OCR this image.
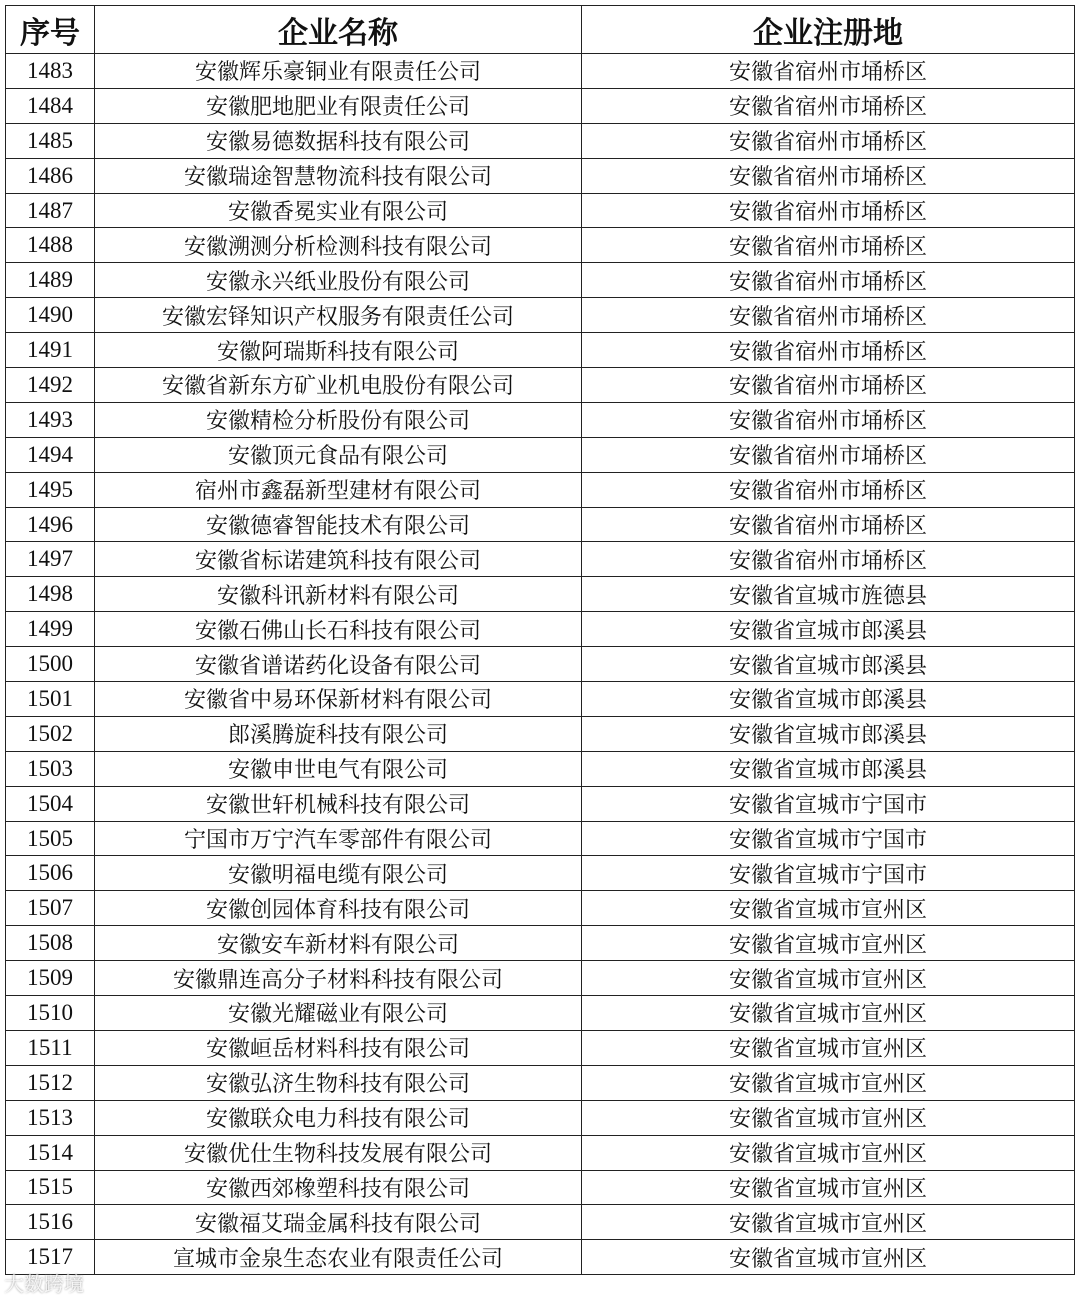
序号	企业名称	企业注册地
1483	安徽辉乐豪铜业有限责任公司	安徽省宿州市埇桥区
1484	安徽肥地肥业有限责任公司	安徽省宿州市埇桥区
1485	安徽易德数据科技有限公司	安徽省宿州市埇桥区
1486	安徽瑞途智慧物流科技有限公司	安徽省宿州市埇桥区
1487	安徽香冕实业有限公司	安徽省宿州市埇桥区
1488	安徽溯测分析检测科技有限公司	安徽省宿州市埇桥区
1489	安徽永兴纸业股份有限公司	安徽省宿州市埇桥区
1490	安徽宏铎知识产权服务有限责任公司	安徽省宿州市埇桥区
1491	安徽阿瑞斯科技有限公司	安徽省宿州市埇桥区
1492	安徽省新东方矿业机电股份有限公司	安徽省宿州市埇桥区
1493	安徽精检分析股份有限公司	安徽省宿州市埇桥区
1494	安徽顶元食品有限公司	安徽省宿州市埇桥区
1495	宿州市鑫磊新型建材有限公司	安徽省宿州市埇桥区
1496	安徽德睿智能技术有限公司	安徽省宿州市埇桥区
1497	安徽省标诺建筑科技有限公司	安徽省宿州市埇桥区
1498	安徽科讯新材料有限公司	安徽省宣城市旌德县
1499	安徽石佛山长石科技有限公司	安徽省宣城市郎溪县
1500	安徽省谱诺药化设备有限公司	安徽省宣城市郎溪县
1501	安徽省中易环保新材料有限公司	安徽省宣城市郎溪县
1502	郎溪腾旋科技有限公司	安徽省宣城市郎溪县
1503	安徽申世电气有限公司	安徽省宣城市郎溪县
1504	安徽世轩机械科技有限公司	安徽省宣城市宁国市
1505	宁国市万宁汽车零部件有限公司	安徽省宣城市宁国市
1506	安徽明福电缆有限公司	安徽省宣城市宁国市
1507	安徽创园体育科技有限公司	安徽省宣城市宣州区
1508	安徽安车新材料有限公司	安徽省宣城市宣州区
1509	安徽鼎连高分子材料科技有限公司	安徽省宣城市宣州区
1510	安徽光耀磁业有限公司	安徽省宣城市宣州区
1511	安徽峘岳材料科技有限公司	安徽省宣城市宣州区
1512	安徽弘济生物科技有限公司	安徽省宣城市宣州区
1513	安徽联众电力科技有限公司	安徽省宣城市宣州区
1514	安徽优仕生物科技发展有限公司	安徽省宣城市宣州区
1515	安徽西郊橡塑科技有限公司	安徽省宣城市宣州区
1516	安徽福艾瑞金属科技有限公司	安徽省宣城市宣州区
1517	宣城市金泉生态农业有限责任公司	安徽省宣城市宣州区
大数跨境
